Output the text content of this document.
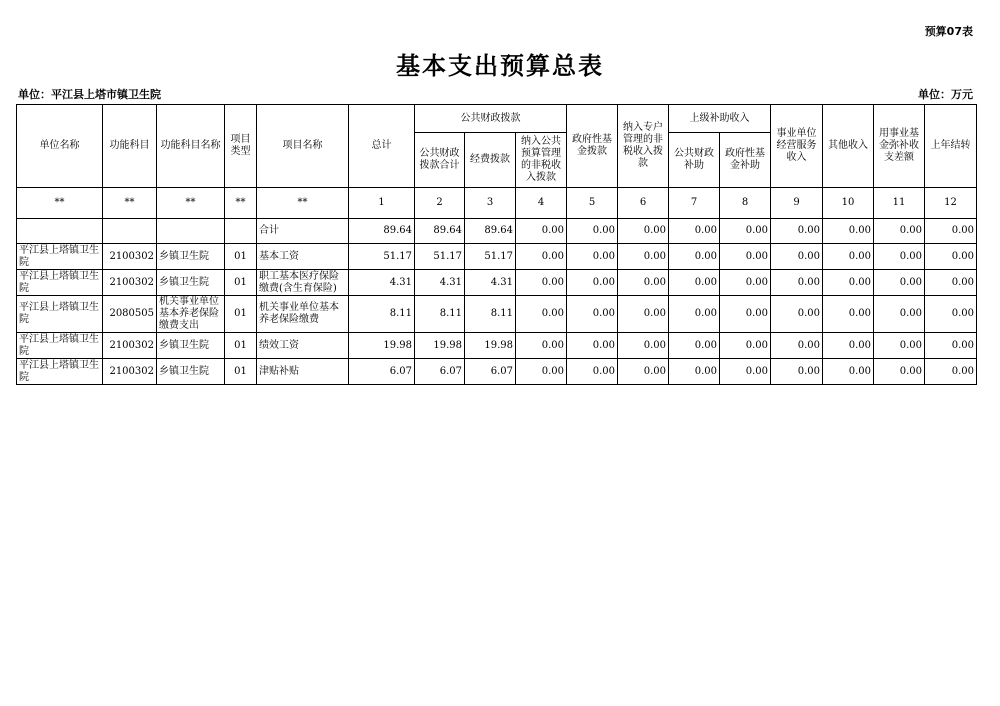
预算07表
基本支出预算总表
单位：平江县上塔市镇卫生院	单位：万元
单位名称	功能科目	功能科目名称	项目类型	项目名称	总计	公共财政拨款			政府性基金拨款	纳入专户管理的非税收入拨款	上级补助收入		事业单位经营服务收入	其他收入	用事业基金弥补收支差额	上年结转
						公共财政拨款合计	经费拨款	纳入公共预算管理的非税收入拨款			公共财政补助	政府性基金补助				
**	**	**	**	**	1	2	3	4	5	6	7	8	9	10	11	12
				合计	89.64	89.64	89.64	0.00	0.00	0.00	0.00	0.00	0.00	0.00	0.00	0.00
平江县上塔镇卫生院	2100302	乡镇卫生院	01	基本工资	51.17	51.17	51.17	0.00	0.00	0.00	0.00	0.00	0.00	0.00	0.00	0.00
平江县上塔镇卫生院	2100302	乡镇卫生院	01	职工基本医疗保险缴费(含生育保险)	4.31	4.31	4.31	0.00	0.00	0.00	0.00	0.00	0.00	0.00	0.00	0.00
平江县上塔镇卫生院	2080505	机关事业单位基本养老保险缴费支出	01	机关事业单位基本养老保险缴费	8.11	8.11	8.11	0.00	0.00	0.00	0.00	0.00	0.00	0.00	0.00	0.00
平江县上塔镇卫生院	2100302	乡镇卫生院	01	绩效工资	19.98	19.98	19.98	0.00	0.00	0.00	0.00	0.00	0.00	0.00	0.00	0.00
平江县上塔镇卫生院	2100302	乡镇卫生院	01	津贴补贴	6.07	6.07	6.07	0.00	0.00	0.00	0.00	0.00	0.00	0.00	0.00	0.00
